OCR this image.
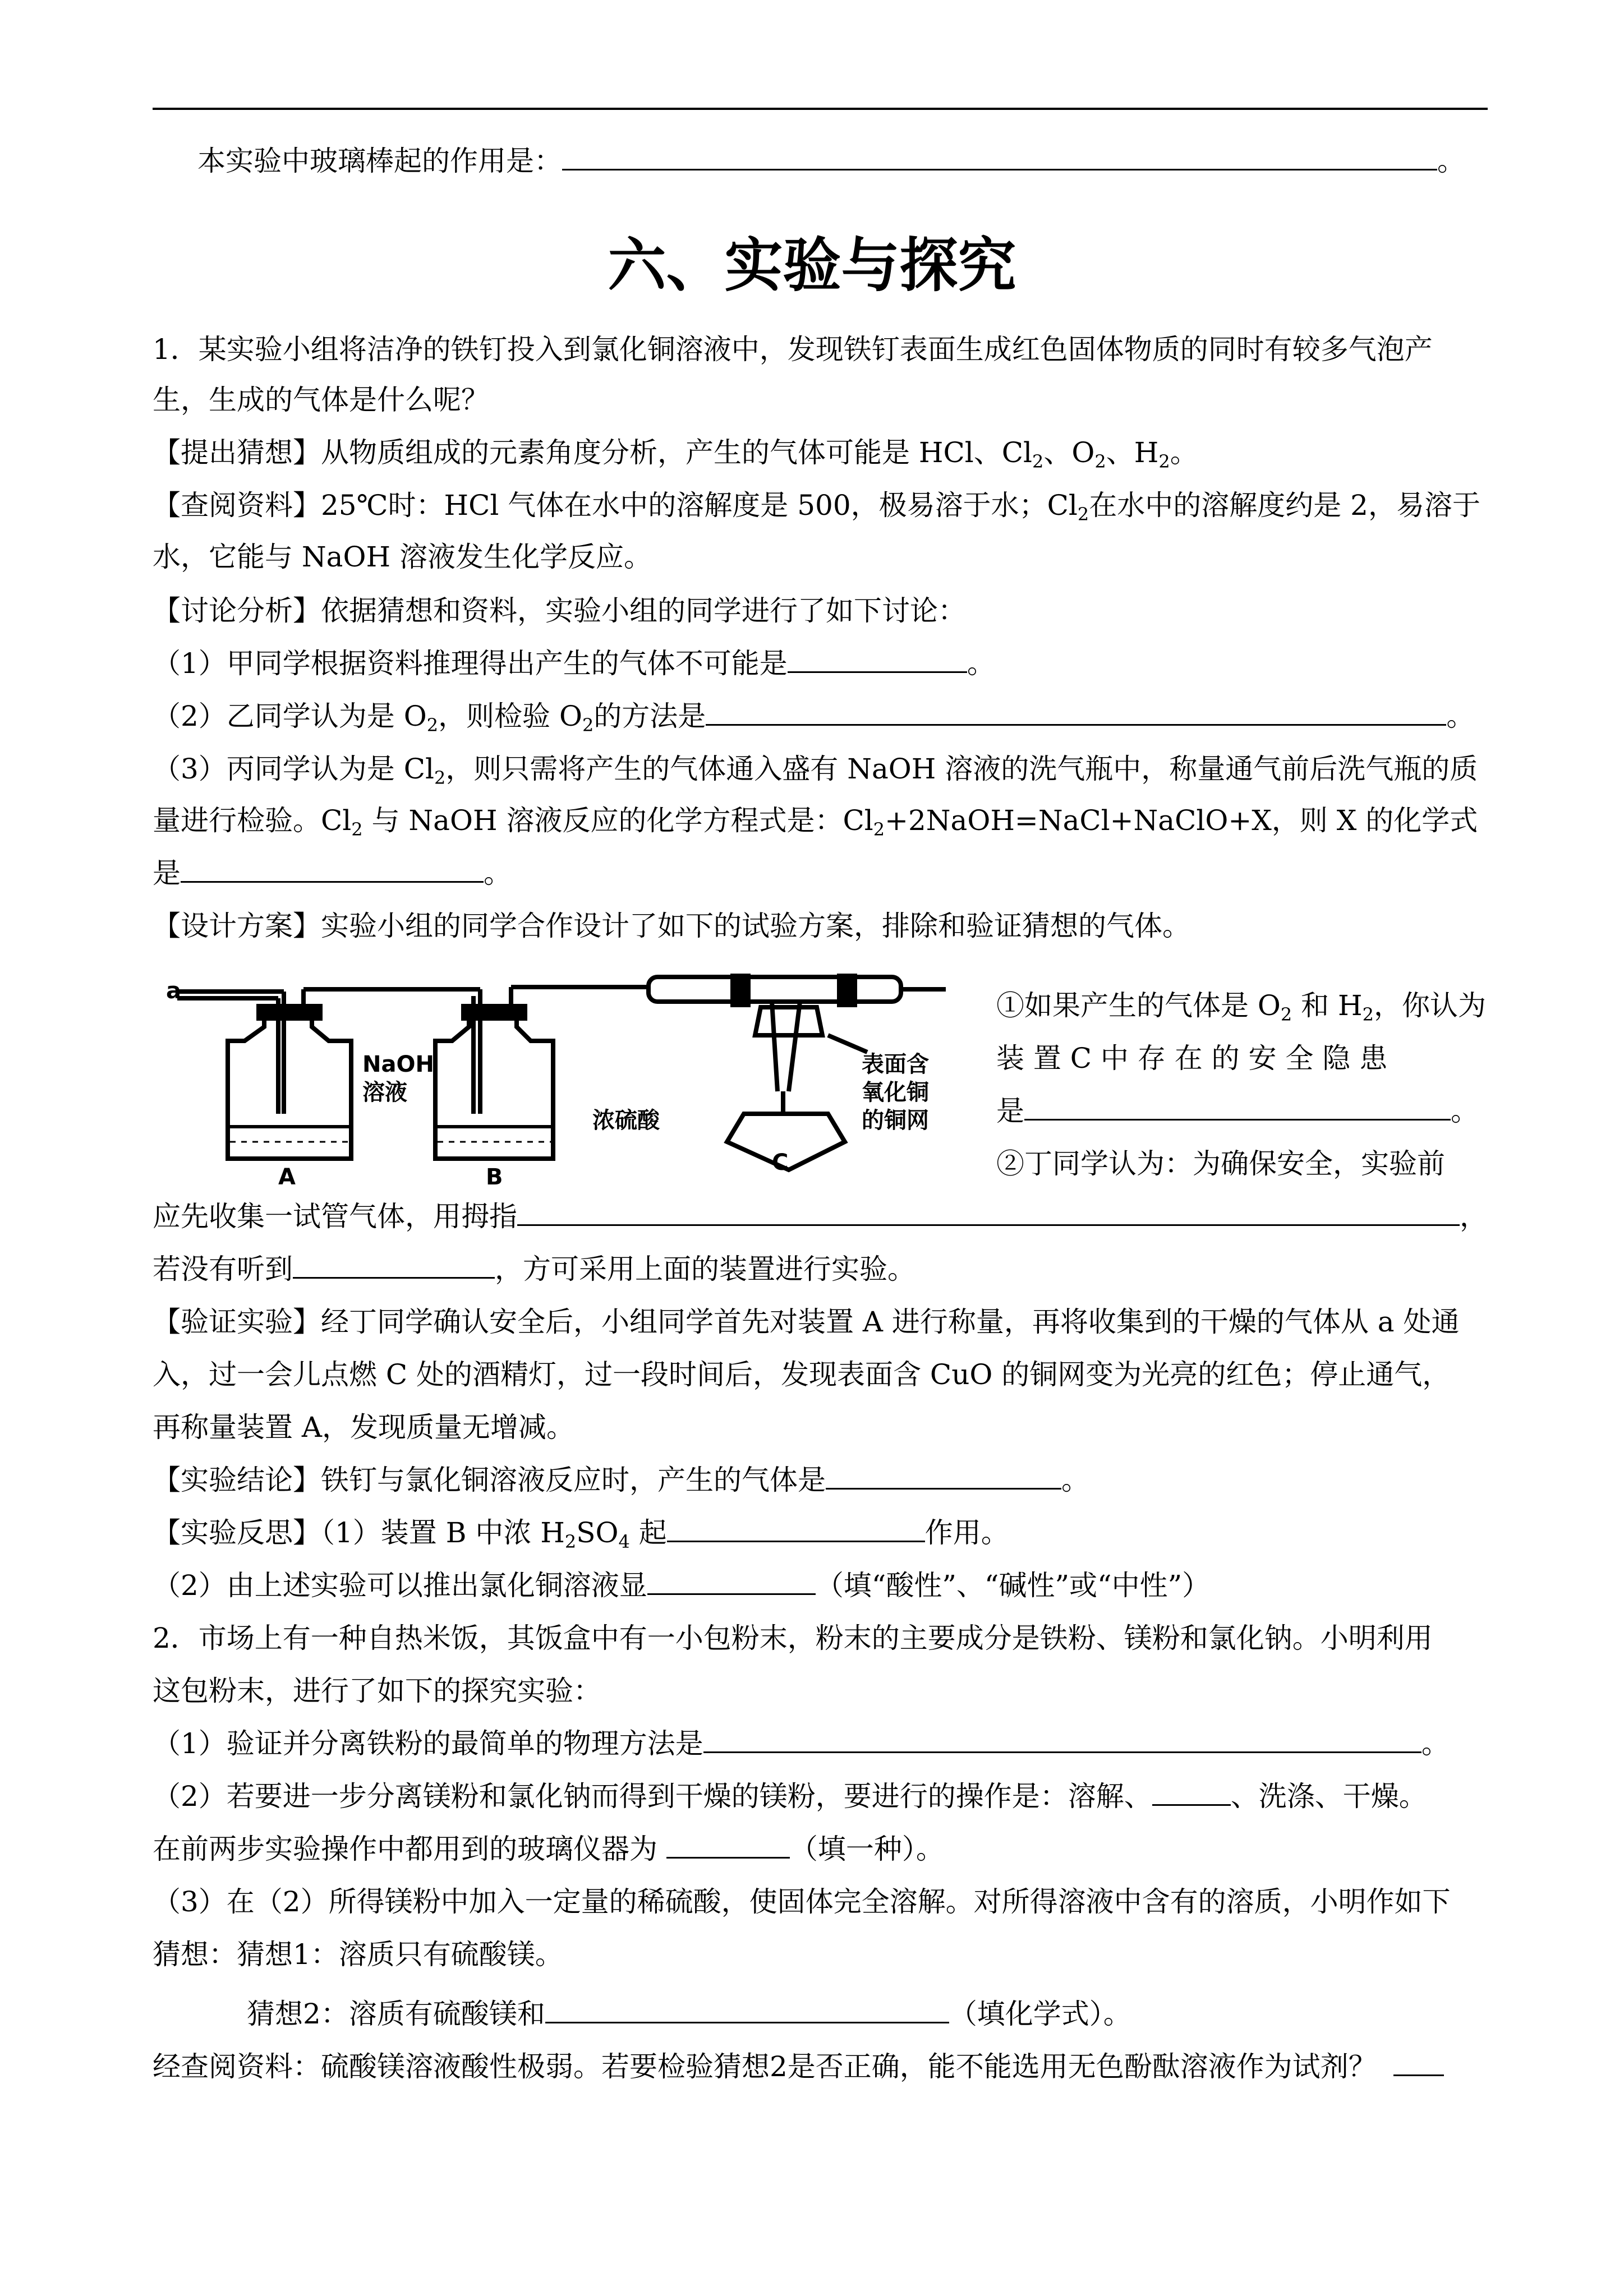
本实验中玻璃棒起的作用是：	。
六、实验与探究
1．某实验小组将洁净的铁钉投入到氯化铜溶液中，发现铁钉表面生成红色固体物质的同时有较多气泡产
生，生成的气体是什么呢？
【提出猜想】从物质组成的元素角度分析，产生的气体可能是 HCl、$Cl_2$、$O_2$、$H_2$。
【查阅资料】25℃时：HCl 气体在水中的溶解度是 500，极易溶于水；$Cl_2$在水中的溶解度约是 2，易溶于
水，它能与 NaOH 溶液发生化学反应。
【讨论分析】依据猜想和资料，实验小组的同学进行了如下讨论：
（1）甲同学根据资料推理得出产生的气体不可能是	。
（2）乙同学认为是 $O_2$，则检验 $O_2$的方法是	。
（3）丙同学认为是 $Cl_2$，则只需将产生的气体通入盛有 NaOH 溶液的洗气瓶中，称量通气前后洗气瓶的质
量进行检验。$Cl_2$ 与 NaOH 溶液反应的化学方程式是：$Cl_2+2NaOH=NaCl+NaClO+X$，则 X 的化学式
是	。
【设计方案】实验小组的同学合作设计了如下的试验方案，排除和验证猜想的气体。
a
A	B
C
NaOH
溶液
浓硫酸
表面含
氧化铜
的铜网
①如果产生的气体是 $O_2$ 和 $H_2$，你认为
装 置 C 中 存 在 的 安 全 隐 患
是	。
②丁同学认为：为确保安全，实验前
应先收集一试管气体，用拇指	，
若没有听到	，方可采用上面的装置进行实验。
【验证实验】经丁同学确认安全后，小组同学首先对装置 A 进行称量，再将收集到的干燥的气体从 a 处通
入，过一会儿点燃 C 处的酒精灯，过一段时间后，发现表面含 CuO 的铜网变为光亮的红色；停止通气，
再称量装置 A，发现质量无增减。
【实验结论】铁钉与氯化铜溶液反应时，产生的气体是	。
【实验反思】（1）装置 B 中浓 $H_2SO_4$ 起	作用。
（2）由上述实验可以推出氯化铜溶液显	（填“酸性”、“碱性”或“中性”）
2．市场上有一种自热米饭，其饭盒中有一小包粉末，粉末的主要成分是铁粉、镁粉和氯化钠。小明利用
这包粉末，进行了如下的探究实验：
（1）验证并分离铁粉的最简单的物理方法是	。
（2）若要进一步分离镁粉和氯化钠而得到干燥的镁粉，要进行的操作是：溶解、	、洗涤、干燥。
在前两步实验操作中都用到的玻璃仪器为	（填一种）。
（3）在（2）所得镁粉中加入一定量的稀硫酸，使固体完全溶解。对所得溶液中含有的溶质，小明作如下
猜想：猜想1：溶质只有硫酸镁。
猜想2：溶质有硫酸镁和	（填化学式）。
经查阅资料：硫酸镁溶液酸性极弱。若要检验猜想2是否正确，能不能选用无色酚酞溶液作为试剂？
